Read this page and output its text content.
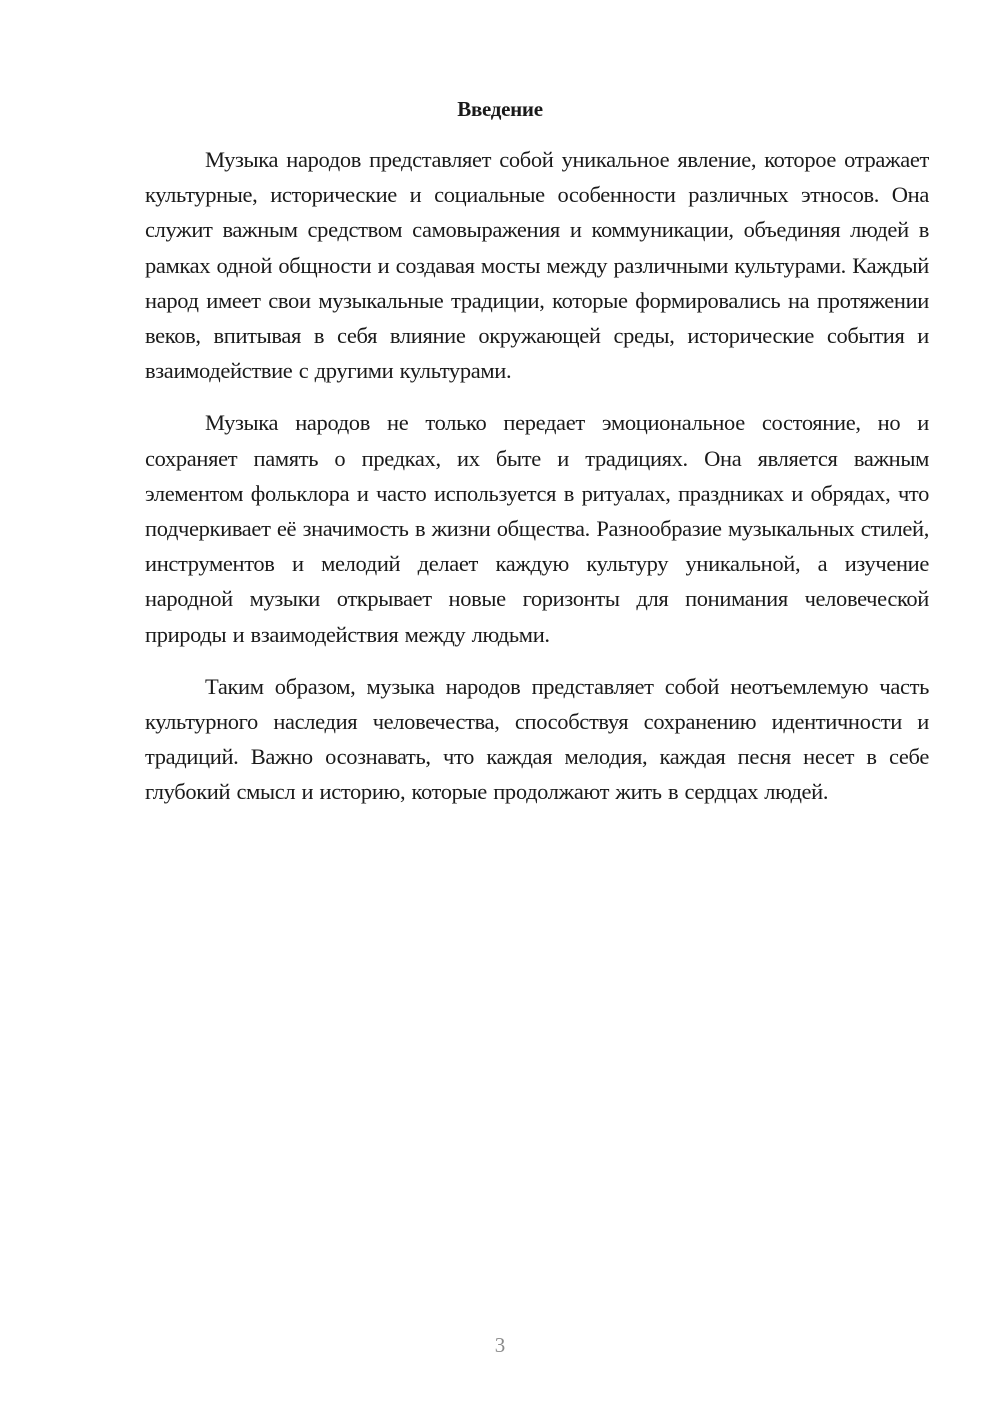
Введение

Музыка народов представляет собой уникальное явление, которое отражает культурные, исторические и социальные особенности различных этносов. Она служит важным средством самовыражения и коммуникации, объединяя людей в рамках одной общности и создавая мосты между различными культурами. Каждый народ имеет свои музыкальные традиции, которые формировались на протяжении веков, впитывая в себя влияние окружающей среды, исторические события и взаимодействие с другими культурами.

Музыка народов не только передает эмоциональное состояние, но и сохраняет память о предках, их быте и традициях. Она является важным элементом фольклора и часто используется в ритуалах, праздниках и обрядах, что подчеркивает её значимость в жизни общества. Разнообразие музыкальных стилей, инструментов и мелодий делает каждую культуру уникальной, а изучение народной музыки открывает новые горизонты для понимания человеческой природы и взаимодействия между людьми.

Таким образом, музыка народов представляет собой неотъемлемую часть культурного наследия человечества, способствуя сохранению идентичности и традиций. Важно осознавать, что каждая мелодия, каждая песня несет в себе глубокий смысл и историю, которые продолжают жить в сердцах людей.

3
